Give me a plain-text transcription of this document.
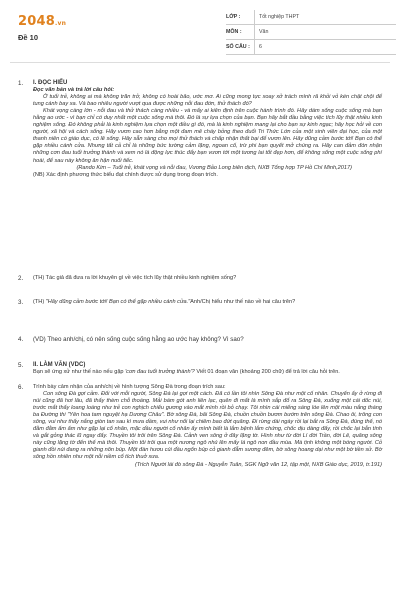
2048.vn
Đề 10
LỚP :	Tốt nghiệp THPT
MÔN :	Văn
SỐ CÂU :	6
1. I. ĐỌC HIỂU
Đọc văn bản và trả lời câu hỏi:

Ở tuổi trẻ, không ai mà không trăn trở, không có hoài bão, ước mơ. Ai cũng mong tực xoay xở trách mình rã khỏi vỏ kén chật chội để tung cánh bay xa. Và bao nhiêu người vượt qua được những nỗi đau đớn, thử thách đó?

Khát vọng càng lớn - nỗi đau và thử thách càng nhiều - và mấy ai kiên định trên cuộc hành trình đó. Hãy dám sống cuộc sống mà bạn hằng ao ước - vì bạn chỉ có duy nhất một cuộc sống mà thôi. Đó là sự lựa chọn của bạn. Bạn hãy bắt đầu bằng việc tích lũy thật nhiều kinh nghiệm sống. Đó không phải là kinh nghiệm lựa chọn một điều gì đó, mà là kinh nghiệm mang lại cho bạn sự kinh ngạc; hãy học hỏi về con người, xã hội và cách sống. Hãy vươn cao hơn bằng một đam mê cháy bỏng theo đuổi Tri Thức Lớn của một sinh viên đại học, của một thanh niên có giáo dục, có lẽ sống. Hãy sẵn sàng cho mọi thử thách và chấp nhận thất bại để vươn lên. Hãy dũng cảm bước tới! Bạn có thể gặp nhiều cánh cửa. Nhưng tất cả chỉ là những bức tường cảm lặng, ngoan cố, trừ phi bạn quyết mở chúng ra. Hãy can đảm đón nhận những cơn đau tuổi trưởng thành và xem nó là động lực thúc đẩy bạn vươn tới một tương lai tốt đẹp hơn, để không sống một cuộc sống phí hoài, để sau này không ân hận nuối tiếc.

(Rando Kim – Tuổi trẻ, khát vọng và nỗi đau, Vương Bảo Long biên dịch, NXB Tổng hợp TP Hồ Chí Minh,2017)
(NB) Xác định phương thức biểu đạt chính được sử dụng trong đoạn trích.
2. (TH) Tác giả đã đưa ra lời khuyên gì về việc tích lũy thật nhiều kinh nghiệm sống?
3. (TH) "Hãy dũng cảm bước tới! Bạn có thể gặp nhiều cánh cửa."Anh/Chị hiểu như thế nào về hai câu trên?
4. (VD) Theo anh/chị, có nên sống cuộc sống hằng ao ước hay không? Vì sao?
5. II. LÀM VĂN (VDC)
Bạn sẽ ứng xử như thế nào nếu gặp 'cơn đau tuổi trưởng thành'? Viết 01 đoạn văn (khoảng 200 chữ) để trả lời câu hỏi trên.
6. Trình bày cảm nhận của anh/chị về hình tượng Sông Đà trong đoạn trích sau:

Con sông Đà gợi cảm. Đối với mỗi người, Sông Đà lại gợi một cách. Đã có lần tôi nhìn Sông Đà như một cố nhân. Chuyến ấy ở rừng đi núi cũng đã hơi lâu, đã thấy thèm chỗ thoáng. Mải bám gót anh liên lạc, quên đi mất là mình sắp đổ ra Sông Đà, xuống một cái dốc núi, trước mắt thấy loang loáng như trẻ con nghịch chiếu gương vào mắt mình rồi bỏ chạy. Tôi nhìn cái miếng sáng lóe lên một màu nắng tháng ba Đường thi "Yên hoa tam nguyệt hạ Dương Châu". Bờ sông Đà, bãi Sông Đà, chuồn chuồn bươm bướm trên sông Đà. Chao ôi, trông con sông, vui như thấy nắng giòn tan sau kì mưa dầm, vui như nối lại chiêm bao đứt quãng. Đi rừng dài ngày rồi lại bắt ra Sông Đà, đúng thế, nó đằm đằm ấm ấm như gặp lại cố nhân, mặc dầu người cố nhân ấy mình biết là lắm bệnh lắm chứng, chốc dịu dàng đấy, rồi chốc lại bẳn tính và gắt gỏng thác lũ ngay đấy. Thuyền tôi trôi trên Sông Đà. Cảnh ven sông ở đây lặng tờ. Hình như từ đời Lí đời Trần, đời Lê, quãng sông này cũng lặng tờ đến thế mà thôi. Thuyền tôi trôi qua một nương ngô nhú lên mấy lá ngô non đầu mùa. Mà tịnh không một bóng người. Cỏ gianh đồi núi đang ra những nõn búp. Một đàn hươu cúi đầu ngốn búp cỏ gianh đẫm sương đêm, bờ sông hoang dại như một bờ tiền sử. Bờ sông hồn nhiên như một nỗi niềm cổ tích thuở xưa.

(Trích Người lái đò sông Đà - Nguyễn Tuân, SGK Ngữ văn 12, tập một, NXB Giáo dục, 2019, tr.191)
